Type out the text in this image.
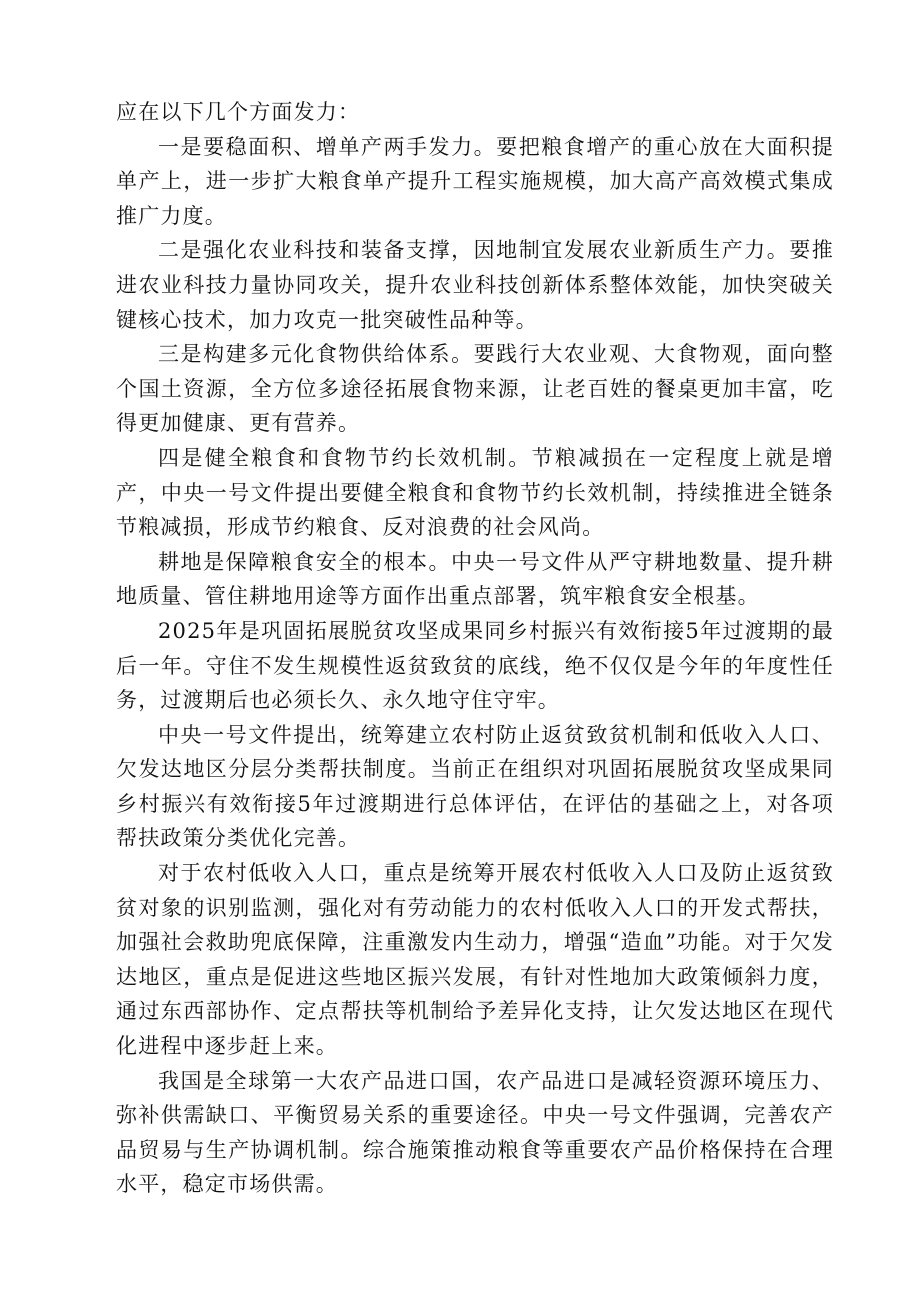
应在以下几个方面发力：

一是要稳面积、增单产两手发力。要把粮食增产的重心放在大面积提单产上，进一步扩大粮食单产提升工程实施规模，加大高产高效模式集成推广力度。

二是强化农业科技和装备支撑，因地制宜发展农业新质生产力。要推进农业科技力量协同攻关，提升农业科技创新体系整体效能，加快突破关键核心技术，加力攻克一批突破性品种等。

三是构建多元化食物供给体系。要践行大农业观、大食物观，面向整个国土资源，全方位多途径拓展食物来源，让老百姓的餐桌更加丰富，吃得更加健康、更有营养。

四是健全粮食和食物节约长效机制。节粮减损在一定程度上就是增产，中央一号文件提出要健全粮食和食物节约长效机制，持续推进全链条节粮减损，形成节约粮食、反对浪费的社会风尚。

耕地是保障粮食安全的根本。中央一号文件从严守耕地数量、提升耕地质量、管住耕地用途等方面作出重点部署，筑牢粮食安全根基。

2025年是巩固拓展脱贫攻坚成果同乡村振兴有效衔接5年过渡期的最后一年。守住不发生规模性返贫致贫的底线，绝不仅仅是今年的年度性任务，过渡期后也必须长久、永久地守住守牢。

中央一号文件提出，统筹建立农村防止返贫致贫机制和低收入人口、欠发达地区分层分类帮扶制度。当前正在组织对巩固拓展脱贫攻坚成果同乡村振兴有效衔接5年过渡期进行总体评估，在评估的基础之上，对各项帮扶政策分类优化完善。

对于农村低收入人口，重点是统筹开展农村低收入人口及防止返贫致贫对象的识别监测，强化对有劳动能力的农村低收入人口的开发式帮扶，加强社会救助兜底保障，注重激发内生动力，增强“造血”功能。对于欠发达地区，重点是促进这些地区振兴发展，有针对性地加大政策倾斜力度，通过东西部协作、定点帮扶等机制给予差异化支持，让欠发达地区在现代化进程中逐步赶上来。

我国是全球第一大农产品进口国，农产品进口是减轻资源环境压力、弥补供需缺口、平衡贸易关系的重要途径。中央一号文件强调，完善农产品贸易与生产协调机制。综合施策推动粮食等重要农产品价格保持在合理水平，稳定市场供需。
